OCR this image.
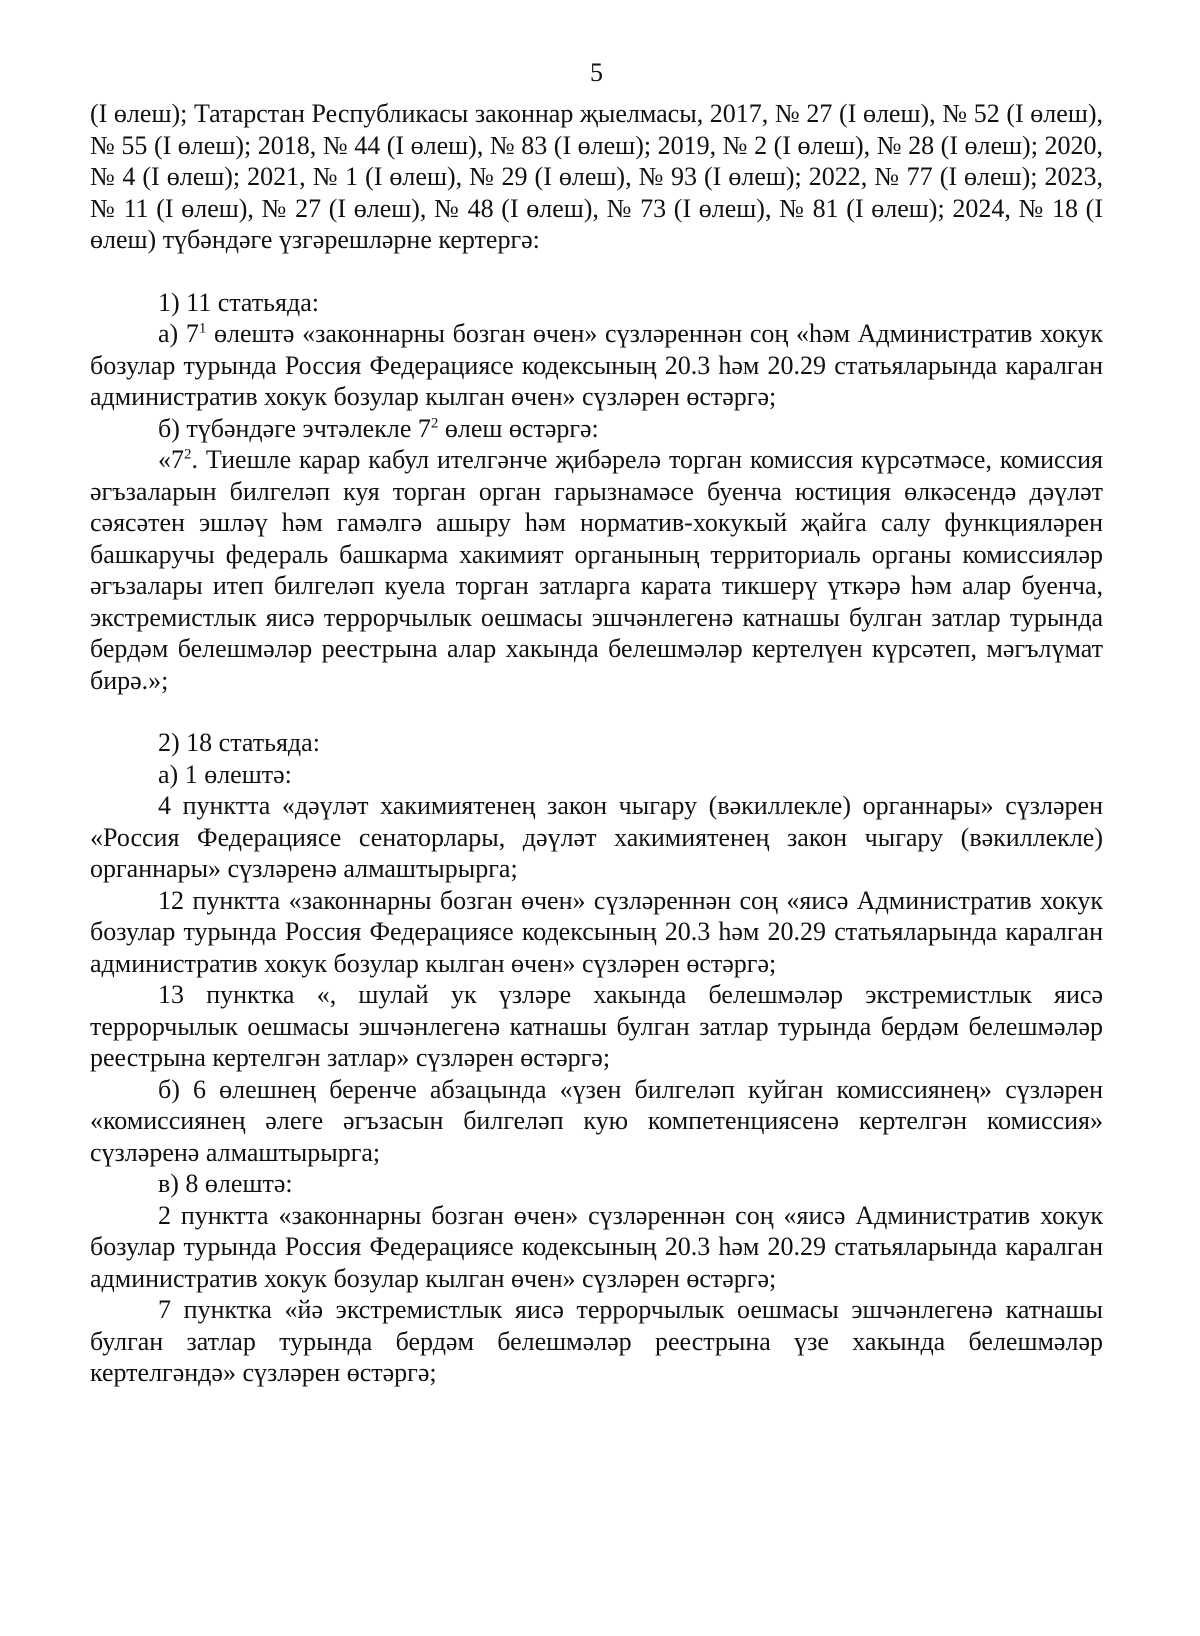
5

(I өлеш); Татарстан Республикасы законнар җыелмасы, 2017, № 27 (I өлеш), № 52 (I өлеш), № 55 (I өлеш); 2018, № 44 (I өлеш), № 83 (I өлеш); 2019, № 2 (I өлеш), № 28 (I өлеш); 2020, № 4 (I өлеш); 2021, № 1 (I өлеш), № 29 (I өлеш), № 93 (I өлеш); 2022, № 77 (I өлеш); 2023, № 11 (I өлеш), № 27 (I өлеш), № 48 (I өлеш), № 73 (I өлеш), № 81 (I өлеш); 2024, № 18 (I өлеш) түбәндәге үзгәрешләрне кертергә:

1) 11 статьяда:

а) $7^1$ өлештә «законнарны бозган өчен» сүзләреннән соң «һәм Административ хокук бозулар турында Россия Федерациясе кодексының 20.3 һәм 20.29 статьяларында каралган административ хокук бозулар кылган өчен» сүзләрен өстәргә;

б) түбәндәге эчтәлекле $7^2$ өлеш өстәргә:

«$7^2$. Тиешле карар кабул ителгәнче җибәрелә торган комиссия күрсәтмәсе, комиссия әгъзаларын билгеләп куя торган орган гарызнамәсе буенча юстиция өлкәсендә дәүләт сәясәтен эшләү һәм гамәлгә ашыру һәм норматив-хокукый җайга салу функцияләрен башкаручы федераль башкарма хакимият органының территориаль органы комиссияләр әгъзалары итеп билгеләп куела торган затларга карата тикшерү үткәрә һәм алар буенча, экстремистлык яисә террорчылык оешмасы эшчәнлегенә катнашы булган затлар турында бердәм белешмәләр реестрына алар хакында белешмәләр кертелүен күрсәтеп, мәгълүмат бирә.»;

2) 18 статьяда:

а) 1 өлештә:

4 пунктта «дәүләт хакимиятенең закон чыгару (вәкиллекле) органнары» сүзләрен «Россия Федерациясе сенаторлары, дәүләт хакимиятенең закон чыгару (вәкиллекле) органнары» сүзләренә алмаштырырга;

12 пунктта «законнарны бозган өчен» сүзләреннән соң «яисә Административ хокук бозулар турында Россия Федерациясе кодексының 20.3 һәм 20.29 статьяларында каралган административ хокук бозулар кылган өчен» сүзләрен өстәргә;

13 пунктка «, шулай ук үзләре хакында белешмәләр экстремистлык яисә террорчылык оешмасы эшчәнлегенә катнашы булган затлар турында бердәм белешмәләр реестрына кертелгән затлар» сүзләрен өстәргә;

б) 6 өлешнең беренче абзацында «үзен билгеләп куйган комиссиянең» сүзләрен «комиссиянең әлеге әгъзасын билгеләп кую компетенциясенә кертелгән комиссия» сүзләренә алмаштырырга;

в) 8 өлештә:

2 пунктта «законнарны бозган өчен» сүзләреннән соң «яисә Административ хокук бозулар турында Россия Федерациясе кодексының 20.3 һәм 20.29 статьяларында каралган административ хокук бозулар кылган өчен» сүзләрен өстәргә;

7 пунктка «йә экстремистлык яисә террорчылык оешмасы эшчәнлегенә катнашы булган затлар турында бердәм белешмәләр реестрына үзе хакында белешмәләр кертелгәндә» сүзләрен өстәргә;
